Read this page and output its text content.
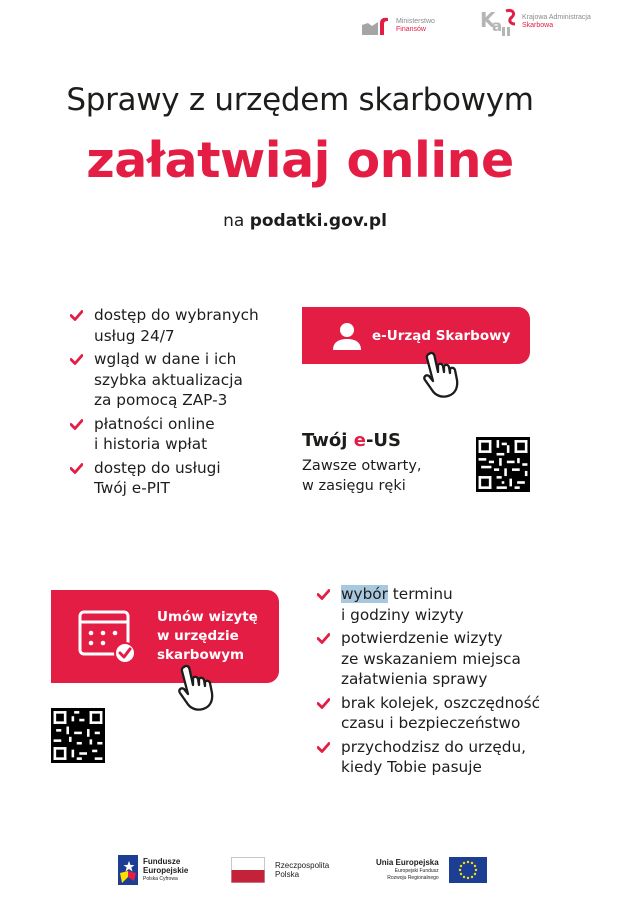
Ministerstwo
Finansów	K
a	Krajowa Administracja
Skarbowa
Sprawy z urzędem skarbowym
załatwiaj online
na podatki.gov.pl
dostęp do wybranych
usług 24/7
wgląd w dane i ich
szybka aktualizacja
za pomocą ZAP-3
płatności online
i historia wpłat
dostęp do usługi
Twój e-PIT
e-Urząd Skarbowy
Twój e-US
Zawsze otwarty,
w zasięgu ręki
Umów wizytę
w urzędzie
skarbowym
wybór terminu
i godziny wizyty
potwierdzenie wizyty
ze wskazaniem miejsca
załatwienia sprawy
brak kolejek, oszczędność
czasu i bezpieczeństwo
przychodzisz do urzędu,
kiedy Tobie pasuje
Fundusze
Europejskie
Polska Cyfrowa
Rzeczpospolita
Polska
Unia Europejska
Europejski Fundusz
Rozwoju Regionalnego
